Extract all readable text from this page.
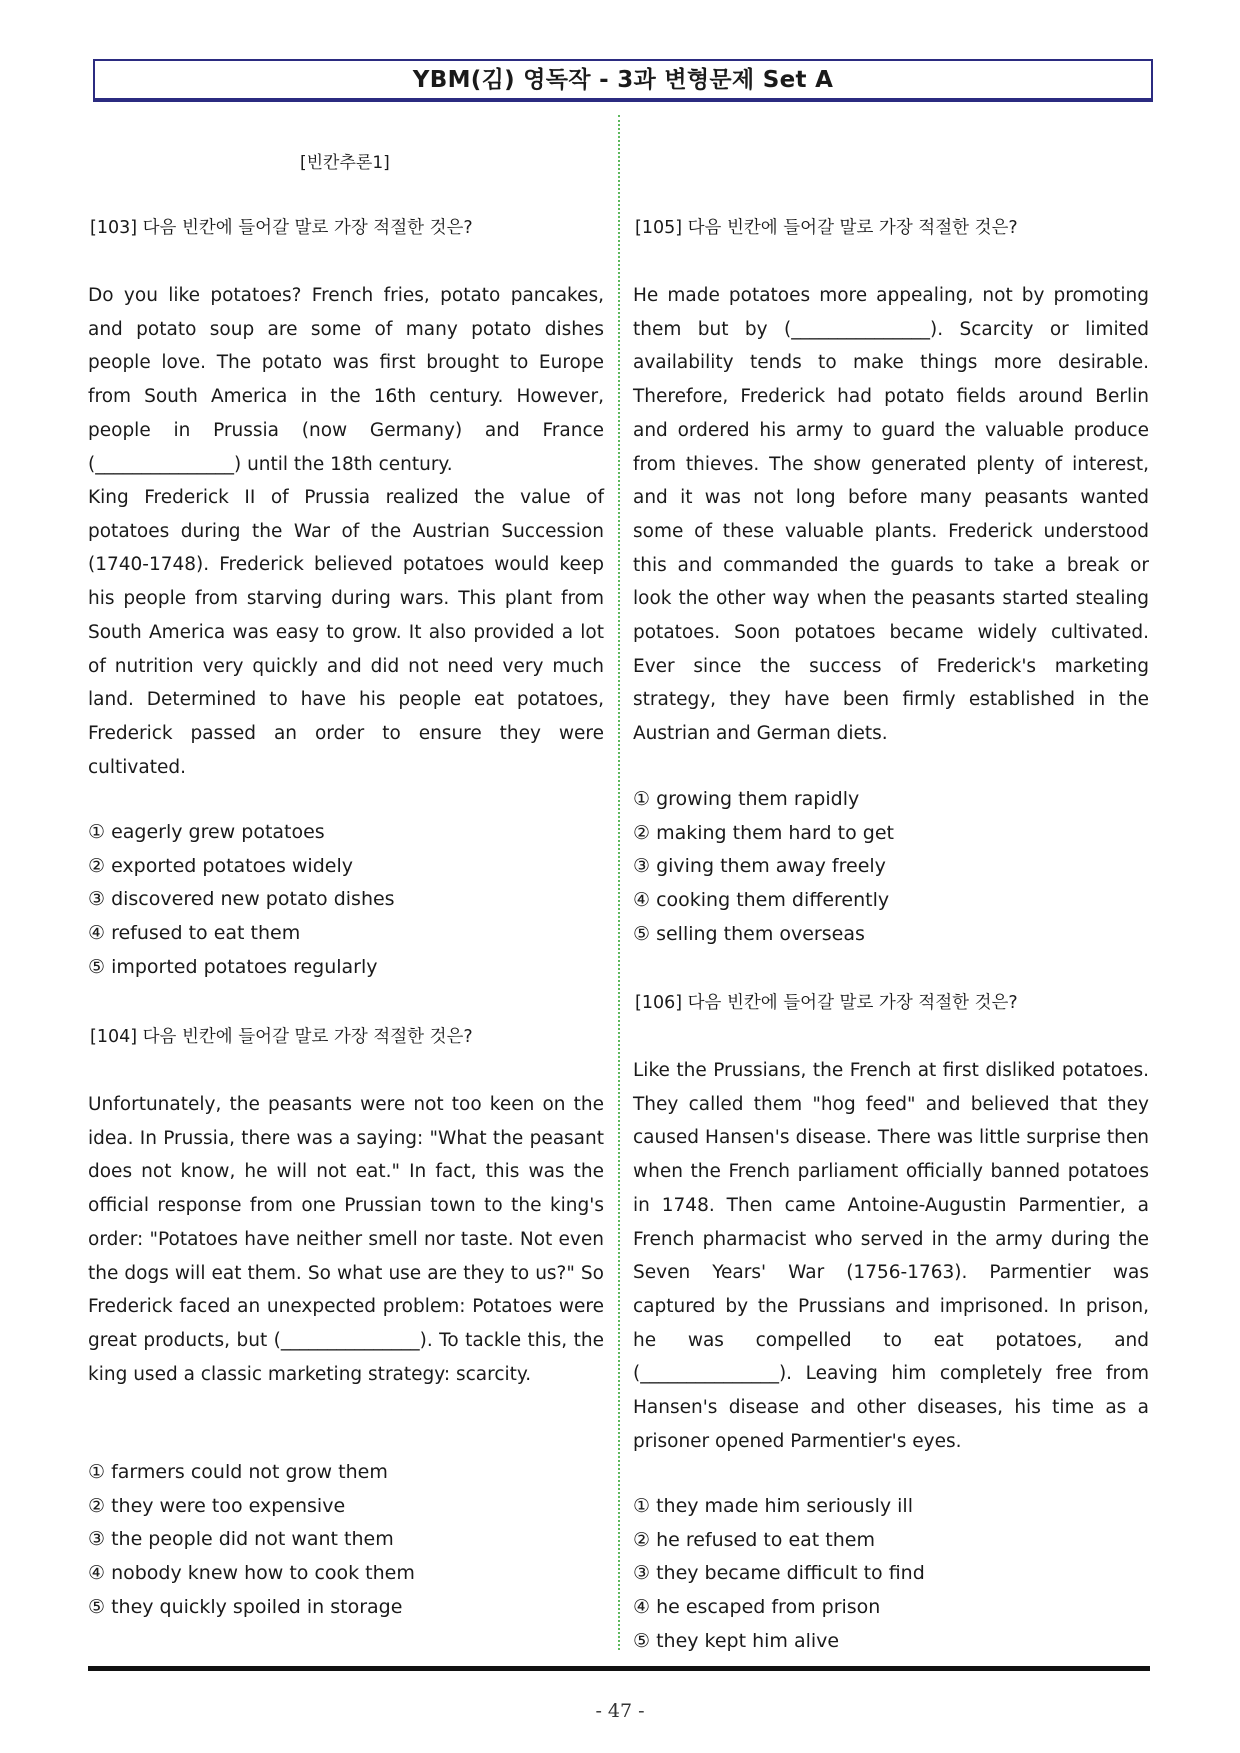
YBM(김) 영독작 - 3과 변형문제 Set A
[빈칸추론1]
[103] 다음 빈칸에 들어갈 말로 가장 적절한 것은?

Do you like potatoes? French fries, potato pancakes, and potato soup are some of many potato dishes people love. The potato was first brought to Europe from South America in the 16th century. However, people in Prussia (now Germany) and France (_______________) until the 18th century.

King Frederick II of Prussia realized the value of potatoes during the War of the Austrian Succession (1740-1748). Frederick believed potatoes would keep his people from starving during wars. This plant from South America was easy to grow. It also provided a lot of nutrition very quickly and did not need very much land. Determined to have his people eat potatoes, Frederick passed an order to ensure they were cultivated.

① eagerly grew potatoes
② exported potatoes widely
③ discovered new potato dishes
④ refused to eat them
⑤ imported potatoes regularly
[104] 다음 빈칸에 들어갈 말로 가장 적절한 것은?

Unfortunately, the peasants were not too keen on the idea. In Prussia, there was a saying: "What the peasant does not know, he will not eat." In fact, this was the official response from one Prussian town to the king's order: "Potatoes have neither smell nor taste. Not even the dogs will eat them. So what use are they to us?" So Frederick faced an unexpected problem: Potatoes were great products, but (_______________). To tackle this, the king used a classic marketing strategy: scarcity.

① farmers could not grow them
② they were too expensive
③ the people did not want them
④ nobody knew how to cook them
⑤ they quickly spoiled in storage
[105] 다음 빈칸에 들어갈 말로 가장 적절한 것은?

He made potatoes more appealing, not by promoting them but by (_______________). Scarcity or limited availability tends to make things more desirable. Therefore, Frederick had potato fields around Berlin and ordered his army to guard the valuable produce from thieves. The show generated plenty of interest, and it was not long before many peasants wanted some of these valuable plants. Frederick understood this and commanded the guards to take a break or look the other way when the peasants started stealing potatoes. Soon potatoes became widely cultivated. Ever since the success of Frederick's marketing strategy, they have been firmly established in the Austrian and German diets.

① growing them rapidly
② making them hard to get
③ giving them away freely
④ cooking them differently
⑤ selling them overseas
[106] 다음 빈칸에 들어갈 말로 가장 적절한 것은?

Like the Prussians, the French at first disliked potatoes. They called them "hog feed" and believed that they caused Hansen's disease. There was little surprise then when the French parliament officially banned potatoes in 1748. Then came Antoine-Augustin Parmentier, a French pharmacist who served in the army during the Seven Years' War (1756-1763). Parmentier was captured by the Prussians and imprisoned. In prison, he was compelled to eat potatoes, and (_______________). Leaving him completely free from Hansen's disease and other diseases, his time as a prisoner opened Parmentier's eyes.

① they made him seriously ill
② he refused to eat them
③ they became difficult to find
④ he escaped from prison
⑤ they kept him alive
- 47 -
